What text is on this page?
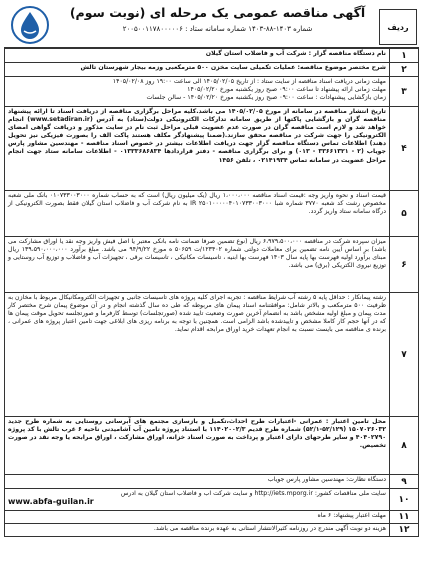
آگهی مناقصه عمومی یک مرحله ای (نوبت سوم)
شماره ۱۴۰۳-۸۸-۱۴۰۳ شماره سامانه ستاد : ۲۰۰۵۰۰۱۱۷۸۰۰۰۰۰۶	ردیف
۱	نام دستگاه مناقصه گزار : شرکت آب و فاضلاب استان گیلان
۲	شرح مختصر موضوع مناقصه: عملیات تکمیلی سایت مخزن ۵۰۰ مترمکعبی وزمه بیجار شهرستان تالش
۳	مهلت زمانی دریافت اسناد مناقصه از سایت ستاد : از تاریخ ۱۴۰۵/۰۲/۰۵ الی ساعت ۱۹:۰۰ روز ۱۴۰۵/۰۲/۰۸
مهلت زمانی ارائه پیشنهاد تا ساعت ۰۹:۰۰ صبح روز یکشنبه مورخ ۱۴۰۵/۰۲/۲۰
زمان بازگشایی پیشنهادات : ساعت ۰۹:۰۰ صبح روز یکشنبه مورخ ۱۴۰۵/۰۲/۲۰ - سالن جلسات

۴	تاریخ انتشار مناقصه در سامانه از مورخ ۱۴۰۵/۰۲/۰۵ می باشد.کلیه مراحل برگزاری مناقصه از دریافت اسناد تا ارائه پیشنهاد مناقصه گران و بازگشایی پاکتها از طریق سامانه تدارکات الکترونیکی دولت(ستاد) به آدرس (www.setadiran.ir) انجام خواهد شد و لازم است مناقصه گران در صورت عدم عضویت قبلی مراحل ثبت نام در سایت مذکور و دریافت گواهی امضای الکترونیکی را جهت شرکت در مناقصه محقق سازند.(ضمنا پیشنهادگر مکلف هستند پاکت الف را بصورت فیزیکی نیز تحویل دهند) اطلاعات تماس دستگاه مناقصه گزار جهت دریافت اطلاعات بیشتر در خصوص اسناد مناقصه - مهندسین مشاور پارس جویاب (۲ - ۳۳۶۶۱۳۲۱ - ۰۱۳) و برای برگزاری مناقصه - دفتر قراردادها ۰۱۳۳۳۶۸۶۸۳۴ - اطلاعات سامانه ستاد جهت انجام مراحل عضویت در سامانه تماس ۰۲۱۴۱۹۳۴ ، تلفن ۱۴۵۶
۵	قیمت اسناد و نحوه واریز وجه :قیمت اسناد مناقصه ۱،۰۰۰،۰۰۰ ریال (یک میلیون ریال) است که به حساب شماره ۰۱۰۷۳۳۰۰۳۰۰۰ بانک ملی شعبه مخصوص رشت کد شعبه ۳۷۷۰ شماره شبا IR ۲۵۰۱۰۰۰۰۰۴۰۱۰۷۳۳۰۰۳۰۰۰ به نام شرکت آب و فاضلاب استان گیلان فقط بصورت الکترونیکی از درگاه سامانه ستاد واریز گردد.
۶	میزان سپرده شرکت در مناقصه ۶،۹۷۹،۵۰۰،۰۰۰ ریال (نوع تضمین صرفا ضمانت نامه بانکی معتبر یا اصل فیش واریز وجه نقد یا اوراق مشارکت می باشد) بر اساس آیین نامه تضمین برای معاملات دولتی شماره ۱۲۳۴۰۲/ت ۵۰۶۵۹ ه مورخ ۹۴/۹/۲۲ می باشد. مبلغ برآورد ۱۳۹،۵۹۰،۰۰۰،۰۰۰ ریال مبنای برآورد اولیه فهرست بها پایه سال ۱۴۰۳ فهرست بها ابنیه ، تاسیسات مکانیکی ، تاسیسات برقی ، تجهیزات آب و فاضلاب و توزیع آب روستایی و توزیع نیروی الکتریکی (برق) می باشد.
۷	رشته پیمانکار : حداقل پایه ۵ رشته آب شرایط مناقصه : تجربه اجرای کلیه پروژه های تاسیسات جانبی و تجهیزات الکترومکانیکال مربوط با مخازن به ظرفیت ۵۰۰ مترمکعب و بالاتر شامل: موافقتنامه اسناد پیمان های مربوطه که طی ده سال گذشته انجام و در آن موضوع پیمان شرح مختصر کار مدت پیمان و مبلغ اولیه مشخص باشد به انضمام آخرین صورت وضعیت تایید شده (صورتجلسات) توسط کارفرما و صورتجلسه تحویل موقت پیمان ها که در آنها حجم کار کاملا مشخص و تاییدشده باشد الزامی است. همچنین با توجه به برنامه ریزی های ابلاغی جهت تامین اعتبار پروژه های عمرانی ، برنده ی مناقصه می بایست نسبت به انجام تعهدات خرید اوراق مرابحه اقدام نماید.
۸	محل تامین اعتبار : عمرانی -اعتبارات طرح احداث،تکمیل و بازسازی مجتمع های آبرسانی روستایی به شماره طرح جدید ۱۵۰۷۰۲۶۰۳۲ (۵۲/۱۲۹-۵۲/۱) شماره طرح قدیم ۱۱۴۰۲۰۰۲/۳ با استناد پروژه تامین آب آشامیدنی ناحیه ۶ غرب تالش با کد پروژه ۴۰۴۰۲۷۹۰ و سایر طرحهای دارای اعتبار و پرداخت به صورت اسناد خزانه، اوراق مشارکت ، اوراق مرابحه یا وجه نقد در صورت تخصیص.
۹	دستگاه نظارت: مهندسین مشاور پارس جویاب
۱۰	سایت ملی مناقصات کشور: http://iets.mporg.ir و سایت شرکت آب و فاضلاب استان گیلان به آدرس
www.abfa-guilan.ir

۱۱	مهلت اعتبار پیشنهاد: ۶ ماه
۱۲	هزینه دو نوبت آگهی مندرج در روزنامه کثیرالانتشار استانی به عهده برنده مناقصه می باشد.
